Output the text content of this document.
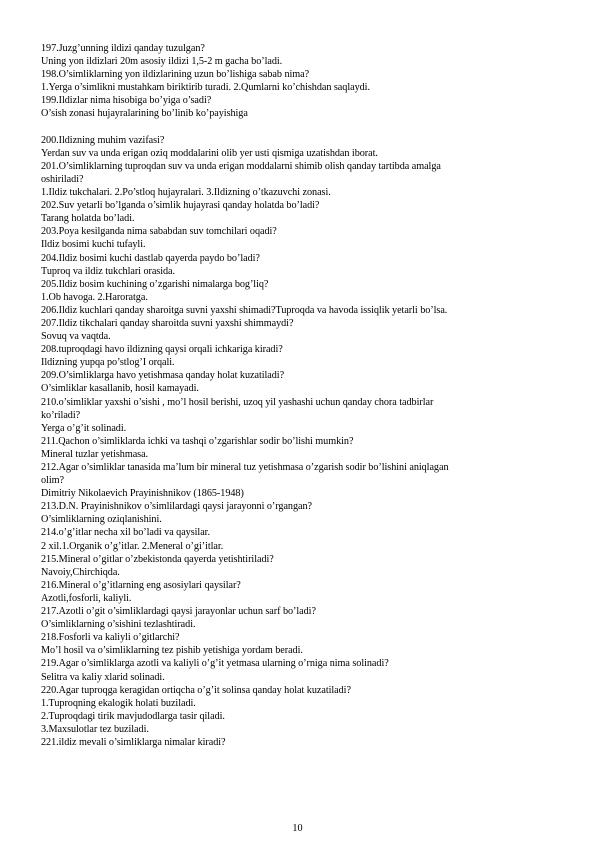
197.Juzg’unning ildizi qanday tuzulgan?
Uning yon ildizlari 20m asosiy ildizi 1,5-2 m gacha bo’ladi.
198.O’simliklarning yon ildizlarining uzun bo’lishiga sabab nima?
1.Yerga o’simlikni mustahkam biriktirib turadi. 2.Qumlarni ko’chishdan saqlaydi.
199.Ildizlar nima hisobiga bo’yiga o’sadi?
O’sish zonasi hujayralarining bo’linib ko’payishiga
200.Ildizning muhim vazifasi?
Yerdan suv va unda erigan oziq moddalarini olib yer usti qismiga uzatishdan iborat.
201.O’simliklarning tuproqdan suv va unda erigan moddalarni shimib olish qanday tartibda amalga
oshiriladi?
1.Ildiz tukchalari. 2.Po’stloq hujayralari. 3.Ildizning o’tkazuvchi zonasi.
202.Suv yetarli bo’lganda o’simlik hujayrasi qanday holatda bo’ladi?
Tarang holatda bo’ladi.
203.Poya kesilganda nima sababdan suv tomchilari oqadi?
Ildiz bosimi kuchi tufayli.
204.Ildiz bosimi kuchi dastlab qayerda paydo bo’ladi?
Tuproq va ildiz tukchlari orasida.
205.Ildiz bosim kuchining o’zgarishi nimalarga bog’liq?
1.Ob havoga. 2.Haroratga.
206.Ildiz kuchlari qanday sharoitga suvni yaxshi shimadi?Tuproqda va havoda issiqlik yetarli bo’lsa.
207.Ildiz tikchalari qanday sharoitda suvni yaxshi shimmaydi?
Sovuq va vaqtda.
208.tuproqdagi havo ildizning qaysi orqali ichkariga kiradi?
Ildizning yupqa po’stlog’I orqali.
209.O’simliklarga havo yetishmasa qanday holat kuzatiladi?
O’simliklar kasallanib, hosil kamayadi.
210.o’simliklar yaxshi o’sishi , mo’l hosil berishi, uzoq yil yashashi uchun qanday chora tadbirlar
ko’riladi?
Yerga o’g’it solinadi.
211.Qachon o’simliklarda ichki va tashqi o’zgarishlar sodir bo’lishi mumkin?
Mineral tuzlar yetishmasa.
212.Agar o’simliklar tanasida ma’lum bir mineral tuz yetishmasa o’zgarish sodir bo’lishini aniqlagan
olim?
Dimitriy Nikolaevich Prayinishnikov (1865-1948)
213.D.N. Prayinishnikov o’simlilardagi qaysi jarayonni o’rgangan?
O’simliklarning oziqlanishini.
214.o’g’itlar necha xil bo’ladi va qaysilar.
2 xil.1.Organik o’g’itlar. 2.Meneral o’gi’itlar.
215.Mineral o’gitlar o’zbekistonda qayerda yetishtiriladi?
Navoiy,Chirchiqda.
216.Mineral o’g’itlarning eng asosiylari qaysilar?
Azotli,fosforli, kaliyli.
217.Azotli o’git o’simliklardagi qaysi jarayonlar uchun sarf bo’ladi?
O’simliklarning o’sishini tezlashtiradi.
218.Fosforli va kaliyli o’gitlarchi?
Mo’l hosil va o’simliklarning tez pishib yetishiga yordam beradi.
219.Agar o’simliklarga azotli va kaliyli o’g’it yetmasa ularning o’rniga nima solinadi?
Selitra va kaliy xlarid solinadi.
220.Agar tuproqga keragidan ortiqcha o’g’it solinsa qanday holat kuzatiladi?
1.Tuproqning ekalogik holati buziladi.
2.Tuproqdagi tirik mavjudodlarga tasir qiladi.
3.Maxsulotlar tez buziladi.
221.ildiz mevali o’simliklarga nimalar kiradi?
10
